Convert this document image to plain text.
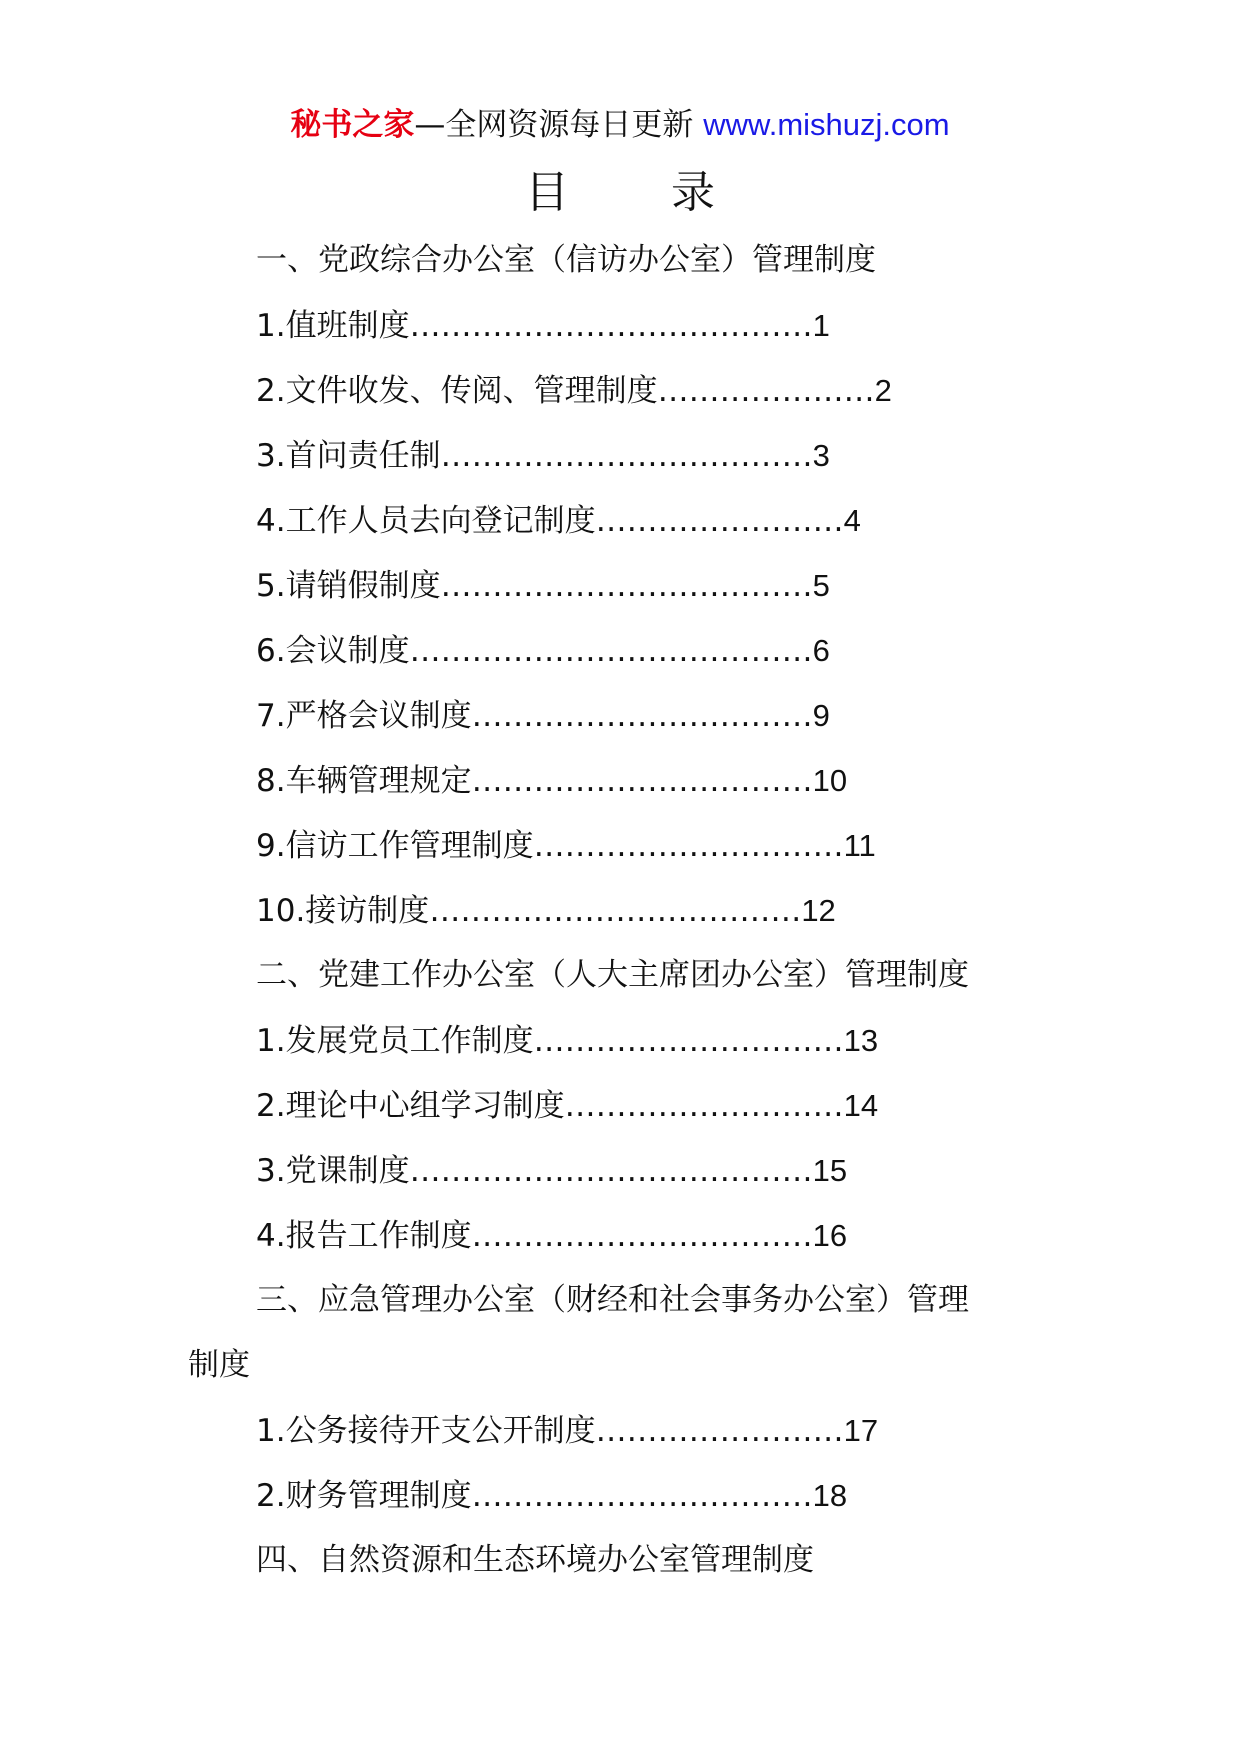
秘书之家—全网资源每日更新 www.mishuzj.com
目 录
一、党政综合办公室（信访办公室）管理制度
1.值班制度…………………………………1
2.文件收发、传阅、管理制度…………………2
3.首问责任制………………………………3
4.工作人员去向登记制度……………………4
5.请销假制度………………………………5
6.会议制度…………………………………6
7.严格会议制度……………………………9
8.车辆管理规定……………………………10
9.信访工作管理制度…………………………11
10.接访制度………………………………12
二、党建工作办公室（人大主席团办公室）管理制度
1.发展党员工作制度…………………………13
2.理论中心组学习制度………………………14
3.党课制度…………………………………15
4.报告工作制度……………………………16
三、应急管理办公室（财经和社会事务办公室）管理
制度
1.公务接待开支公开制度……………………17
2.财务管理制度……………………………18
四、自然资源和生态环境办公室管理制度
